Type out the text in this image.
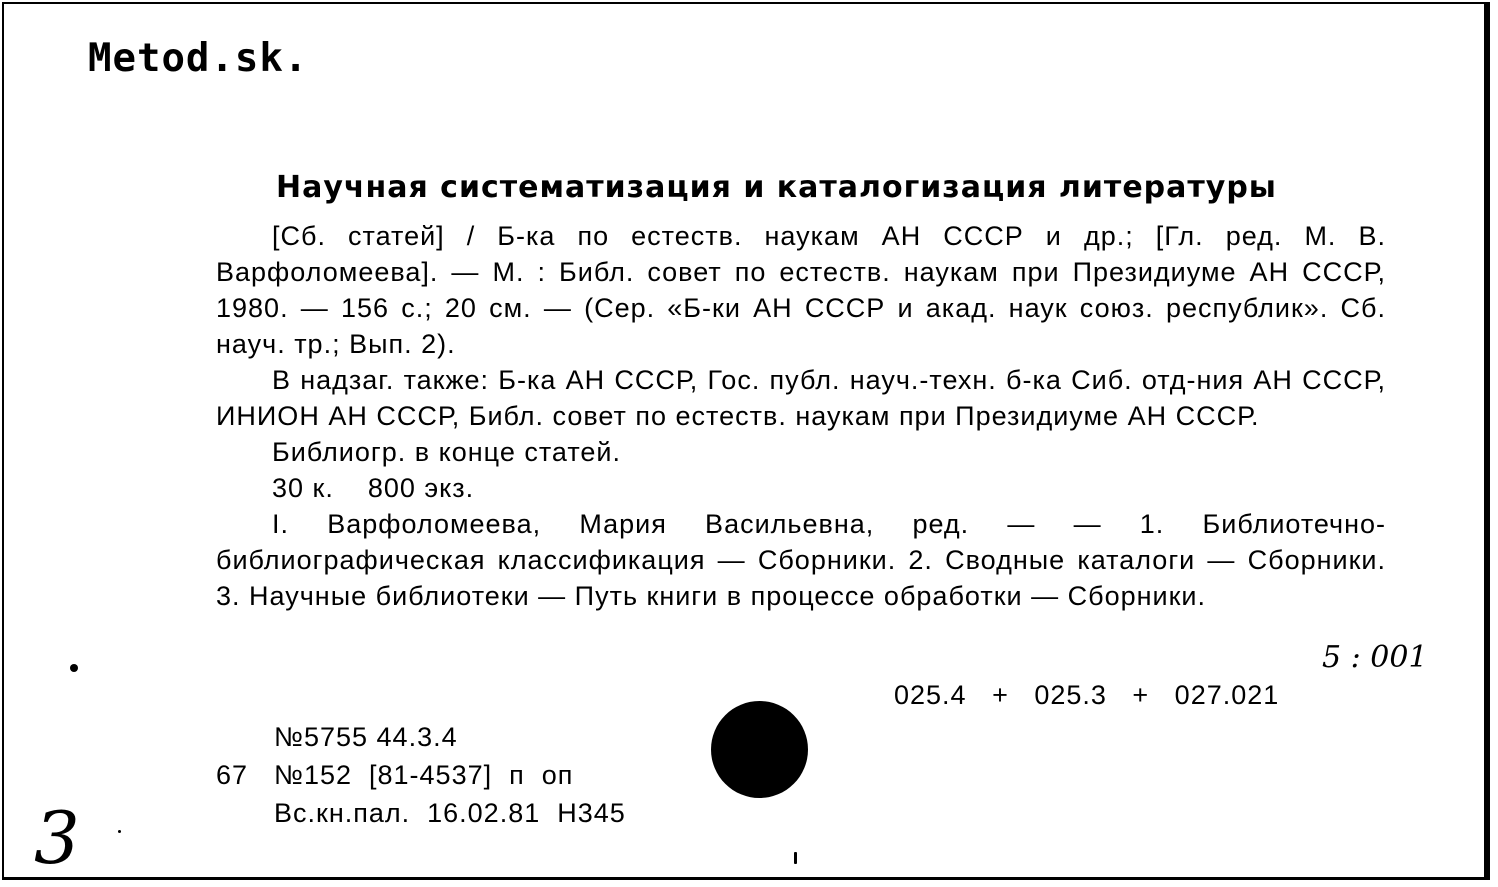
Metod.sk.
Научная систематизация и каталогизация литературы

[Сб. статей] / Б-ка по естеств. наукам АН СССР и др.; [Гл. ред. М. В. Варфоломеева]. — М. : Библ. совет по естеств. наукам при Президиуме АН СССР, 1980. — 156 с.; 20 см. — (Сер. «Б-ки АН СССР и акад. наук союз. республик». Сб. науч. тр.; Вып. 2).

В надзаг. также: Б-ка АН СССР, Гос. публ. науч.-техн. б-ка Сиб. отд-ния АН СССР, ИНИОН АН СССР, Библ. совет по естеств. наукам при Президиуме АН СССР.

Библиогр. в конце статей.

30 к.    800 экз.

I. Варфоломеева, Мария Васильевна, ред. — — 1. Библиотечно-библиографическая классификация — Сборники. 2. Сводные каталоги — Сборники. 3. Научные библиотеки — Путь книги в процессе обработки — Сборники.

5 : 001
025.4   +   025.3   +   027.021
№5755 44.3.4
67 №152  [81-4537]  п  оп
Вс.кн.пал.  16.02.81  Н345
3
